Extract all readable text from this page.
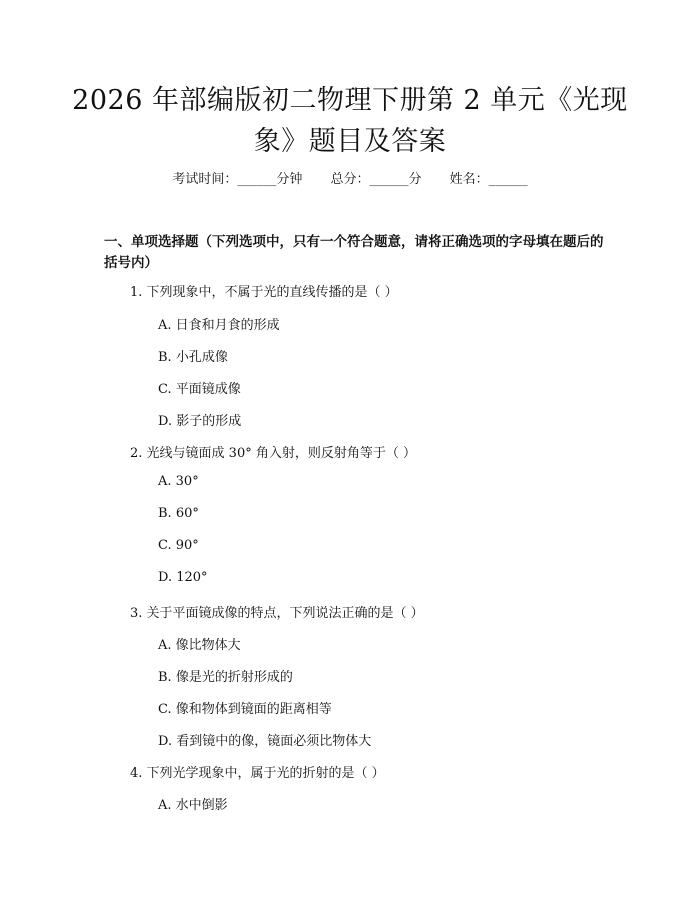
2026 年部编版初二物理下册第 2 单元《光现象》题目及答案
考试时间：______分钟 总分：______分 姓名：______
一、单项选择题（下列选项中，只有一个符合题意，请将正确选项的字母填在题后的括号内）
1. 下列现象中，不属于光的直线传播的是（ ）
A. 日食和月食的形成
B. 小孔成像
C. 平面镜成像
D. 影子的形成
2. 光线与镜面成 30° 角入射，则反射角等于（ ）
A. 30°
B. 60°
C. 90°
D. 120°
3. 关于平面镜成像的特点，下列说法正确的是（ ）
A. 像比物体大
B. 像是光的折射形成的
C. 像和物体到镜面的距离相等
D. 看到镜中的像，镜面必须比物体大
4. 下列光学现象中，属于光的折射的是（ ）
A. 水中倒影
